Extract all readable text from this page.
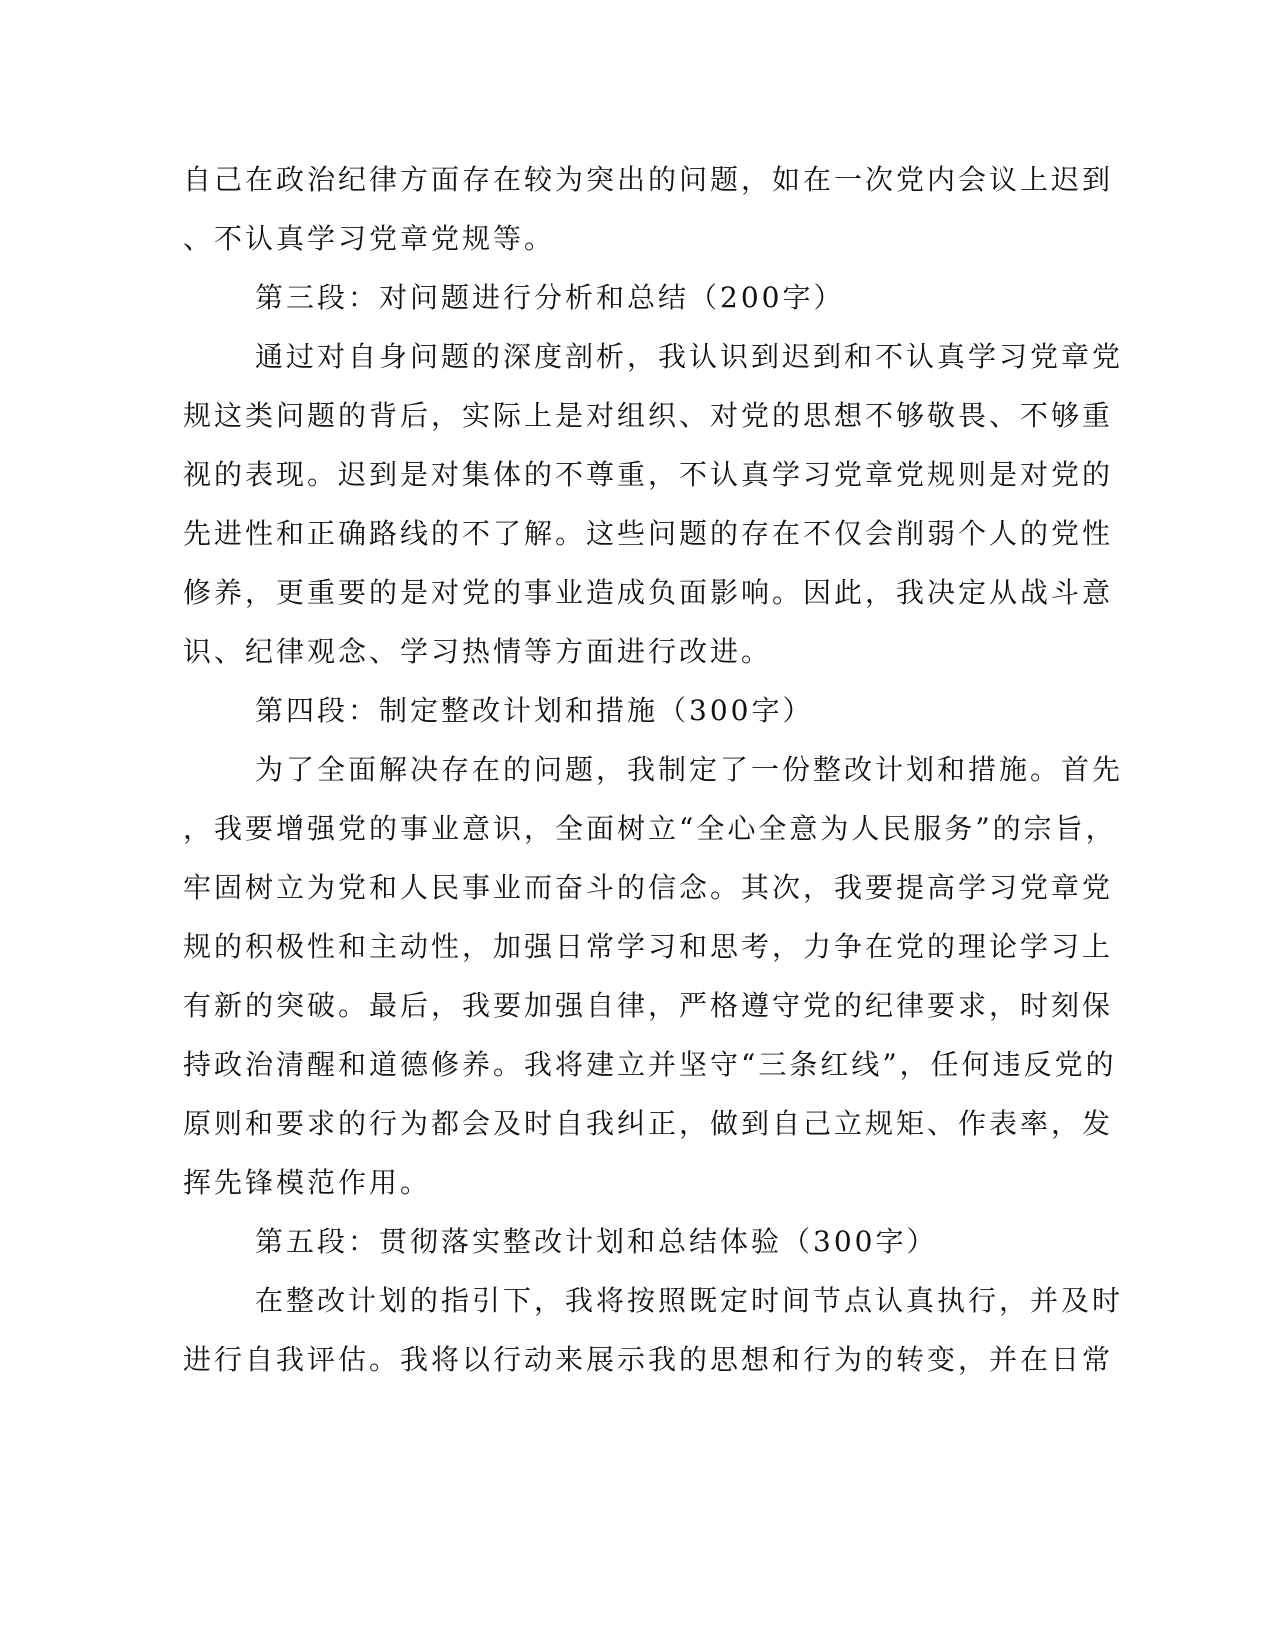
自己在政治纪律方面存在较为突出的问题，如在一次党内会议上迟到
、不认真学习党章党规等。
第三段：对问题进行分析和总结（200字）
通过对自身问题的深度剖析，我认识到迟到和不认真学习党章党
规这类问题的背后，实际上是对组织、对党的思想不够敬畏、不够重
视的表现。迟到是对集体的不尊重，不认真学习党章党规则是对党的
先进性和正确路线的不了解。这些问题的存在不仅会削弱个人的党性
修养，更重要的是对党的事业造成负面影响。因此，我决定从战斗意
识、纪律观念、学习热情等方面进行改进。
第四段：制定整改计划和措施（300字）
为了全面解决存在的问题，我制定了一份整改计划和措施。首先
，我要增强党的事业意识，全面树立“全心全意为人民服务”的宗旨，
牢固树立为党和人民事业而奋斗的信念。其次，我要提高学习党章党
规的积极性和主动性，加强日常学习和思考，力争在党的理论学习上
有新的突破。最后，我要加强自律，严格遵守党的纪律要求，时刻保
持政治清醒和道德修养。我将建立并坚守“三条红线”，任何违反党的
原则和要求的行为都会及时自我纠正，做到自己立规矩、作表率，发
挥先锋模范作用。
第五段：贯彻落实整改计划和总结体验（300字）
在整改计划的指引下，我将按照既定时间节点认真执行，并及时
进行自我评估。我将以行动来展示我的思想和行为的转变，并在日常
